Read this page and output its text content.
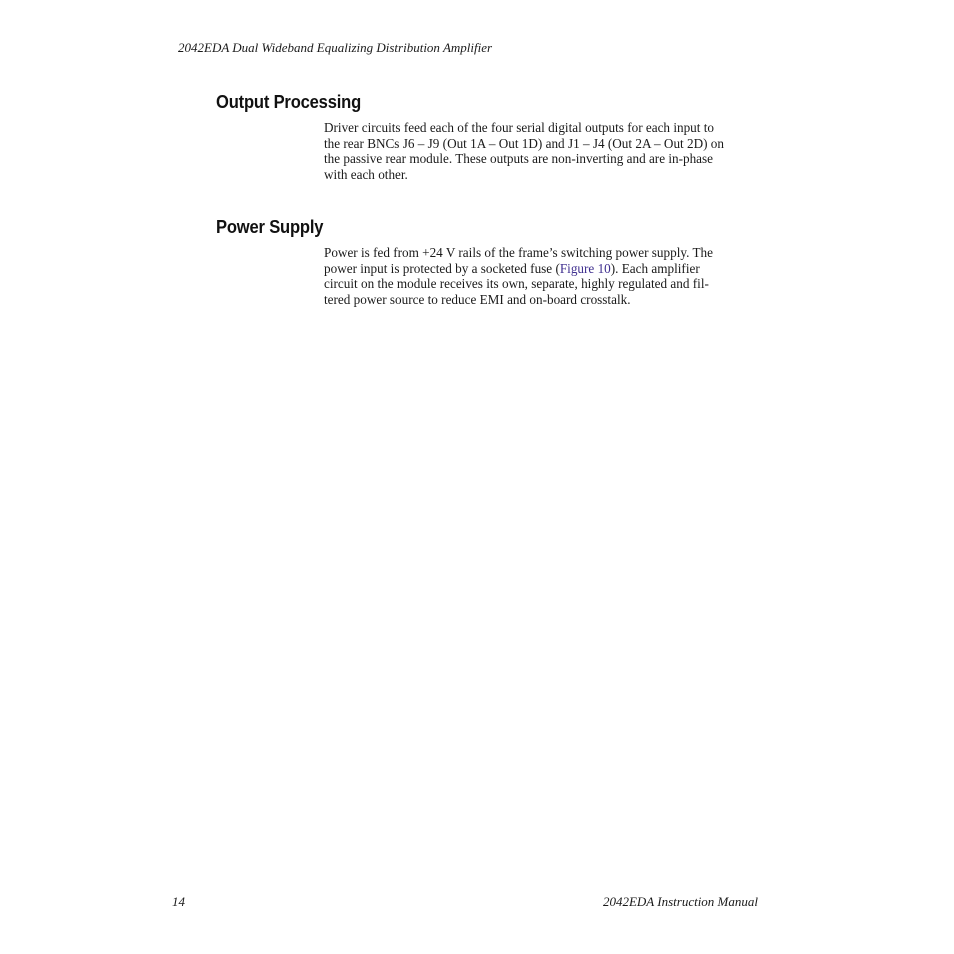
2042EDA Dual Wideband Equalizing Distribution Amplifier
Output Processing

Driver circuits feed each of the four serial digital outputs for each input to
the rear BNCs J6 – J9 (Out 1A – Out 1D) and J1 – J4 (Out 2A – Out 2D) on
the passive rear module. These outputs are non-inverting and are in-phase
with each other.

Power Supply

Power is fed from +24 V rails of the frame’s switching power supply. The
power input is protected by a socketed fuse (Figure 10). Each amplifier
circuit on the module receives its own, separate, highly regulated and fil-
tered power source to reduce EMI and on-board crosstalk.

14	2042EDA Instruction Manual
